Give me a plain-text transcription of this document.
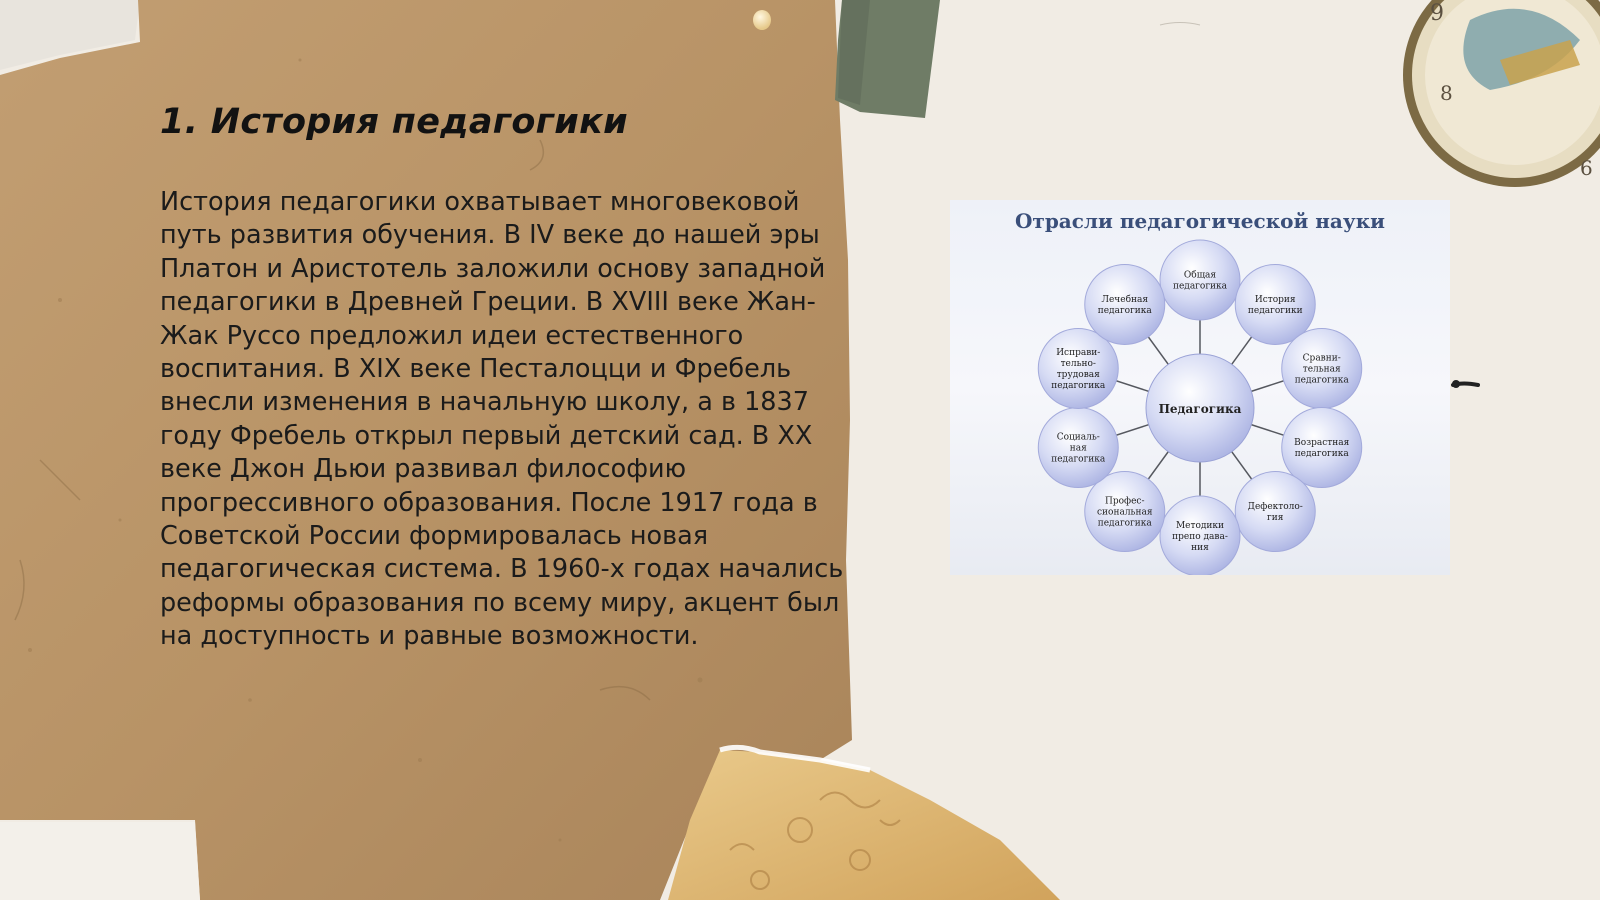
9
8
6
1. История педагогики

История педагогики охватывает многовековой путь развития обучения. В IV веке до нашей эры Платон и Аристотель заложили основу западной педагогики в Древней Греции. В XVIII веке Жан-Жак Руссо предложил идеи естественного воспитания. В XIX веке Песталоцци и Фребель внесли изменения в начальную школу, а в 1837 году Фребель открыл первый детский сад. В XX веке Джон Дьюи развивал философию прогрессивного образования. После 1917 года в Советской России формировалась новая педагогическая система. В 1960-х годах начались реформы образования по всему миру, акцент был на доступность и равные возможности.

Отрасли педагогической науки
Педагогика
Общая педагогика
История педагогики
Сравни-тельная педагогика
Возрастная педагогика
Дефектоло-гия
Методики препо дава-ния
Профес-сиональная педагогика
Социаль-ная педагогика
Исправи-тельно-трудовая педагогика
Лечебная педагогика
